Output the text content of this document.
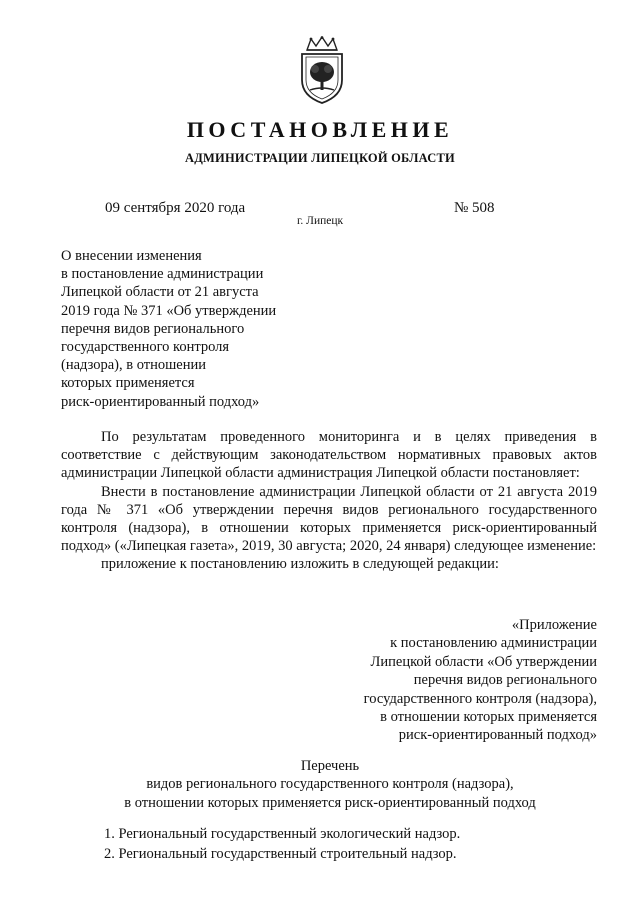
ПОСТАНОВЛЕНИЕ
АДМИНИСТРАЦИИ ЛИПЕЦКОЙ ОБЛАСТИ
09 сентября 2020 года
г. Липецк
№ 508
О внесении изменения
в постановление администрации
Липецкой области от 21 августа
2019 года № 371 «Об утверждении
перечня видов регионального
государственного контроля
(надзора), в отношении
которых применяется
риск-ориентированный подход»

По результатам проведенного мониторинга и в целях приведения в соответствие с действующим законодательством нормативных правовых актов администрации Липецкой области администрация Липецкой области постановляет:

Внести в постановление администрации Липецкой области от 21 августа 2019 года № 371 «Об утверждении перечня видов регионального государственного контроля (надзора), в отношении которых применяется риск-ориентированный подход» («Липецкая газета», 2019, 30 августа; 2020, 24 января) следующее изменение:

приложение к постановлению изложить в следующей редакции:

«Приложение
к постановлению администрации
Липецкой области «Об утверждении
перечня видов регионального
государственного контроля (надзора),
в отношении которых применяется
риск-ориентированный подход»
Перечень
видов регионального государственного контроля (надзора),
в отношении которых применяется риск-ориентированный подход
1. Региональный государственный экологический надзор.
2. Региональный государственный строительный надзор.
